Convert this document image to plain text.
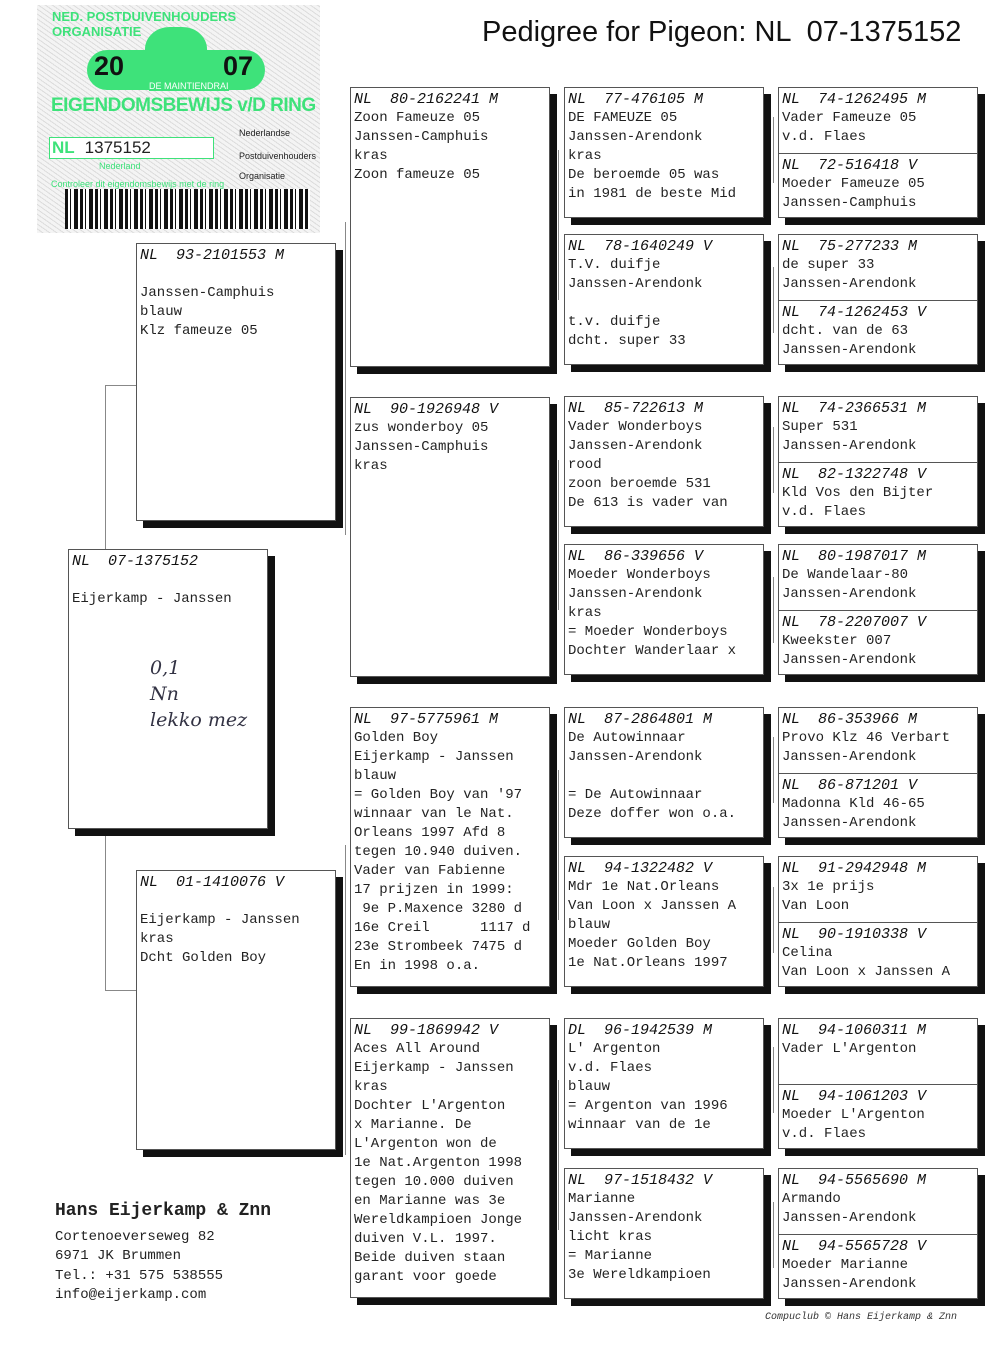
Pedigree for Pigeon: NL  07-1375152
NED. POSTDUIVENHOUDERS ORGANISATIE
20	07
DE MAINTIENDRAI
EIGENDOMSBEWIJS v/D RING
NL 1375152
Nederland
Nederlandse
Postduivenhouders
Organisatie
Controleer dit eigendomsbewijs met de ring
NL  07-1375152
Eijerkamp - Janssen
NL  93-2101553 M
Janssen-Camphuis
blauw
Klz fameuze 05
NL  01-1410076 V
Eijerkamp - Janssen
kras
Dcht Golden Boy
NL  80-2162241 M
Zoon Fameuze 05
Janssen-Camphuis
kras
Zoon fameuze 05
NL  90-1926948 V
zus wonderboy 05
Janssen-Camphuis
kras
NL  97-5775961 M
Golden Boy
Eijerkamp - Janssen
blauw
= Golden Boy van '97
winnaar van le Nat.
Orleans 1997 Afd 8
tegen 10.940 duiven.
Vader van Fabienne
17 prijzen in 1999:
9e P.Maxence 3280 d
16e Creil      1117 d
23e Strombeek 7475 d
En in 1998 o.a.
NL  99-1869942 V
Aces All Around
Eijerkamp - Janssen
kras
Dochter L'Argenton
x Marianne. De
L'Argenton won de
1e Nat.Argenton 1998
tegen 10.000 duiven
en Marianne was 3e
Wereldkampioen Jonge
duiven V.L. 1997.
Beide duiven staan
garant voor goede
NL  77-476105 M
DE FAMEUZE 05
Janssen-Arendonk
kras
De beroemde 05 was
in 1981 de beste Mid
NL  78-1640249 V
T.V. duifje
Janssen-Arendonk
t.v. duifje
dcht. super 33
NL  85-722613 M
Vader Wonderboys
Janssen-Arendonk
rood
zoon beroemde 531
De 613 is vader van
NL  86-339656 V
Moeder Wonderboys
Janssen-Arendonk
kras
= Moeder Wonderboys
Dochter Wanderlaar x
NL  87-2864801 M
De Autowinnaar
Janssen-Arendonk
= De Autowinnaar
Deze doffer won o.a.
NL  94-1322482 V
Mdr 1e Nat.Orleans
Van Loon x Janssen A
blauw
Moeder Golden Boy
1e Nat.Orleans 1997
DL  96-1942539 M
L' Argenton
v.d. Flaes
blauw
= Argenton van 1996
winnaar van de 1e
NL  97-1518432 V
Marianne
Janssen-Arendonk
licht kras
= Marianne
3e Wereldkampioen
NL  74-1262495 M
Vader Fameuze 05
v.d. Flaes
NL  72-516418 V
Moeder Fameuze 05
Janssen-Camphuis
NL  75-277233 M
de super 33
Janssen-Arendonk
NL  74-1262453 V
dcht. van de 63
Janssen-Arendonk
NL  74-2366531 M
Super 531
Janssen-Arendonk
NL  82-1322748 V
Kld Vos den Bijter
v.d. Flaes
NL  80-1987017 M
De Wandelaar-80
Janssen-Arendonk
NL  78-2207007 V
Kweekster 007
Janssen-Arendonk
NL  86-353966 M
Provo Klz 46 Verbart
Janssen-Arendonk
NL  86-871201 V
Madonna Kld 46-65
Janssen-Arendonk
NL  91-2942948 M
3x 1e prijs
Van Loon
NL  90-1910338 V
Celina
Van Loon x Janssen A
NL  94-1060311 M
Vader L'Argenton
NL  94-1061203 V
Moeder L'Argenton
v.d. Flaes
NL  94-5565690 M
Armando
Janssen-Arendonk
NL  94-5565728 V
Moeder Marianne
Janssen-Arendonk
0,1
Nn
lekko mez
Hans Eijerkamp & Znn
Cortenoeverseweg 82
6971 JK Brummen
Tel.: +31 575 538555
info@eijerkamp.com
Compuclub © Hans Eijerkamp & Znn
